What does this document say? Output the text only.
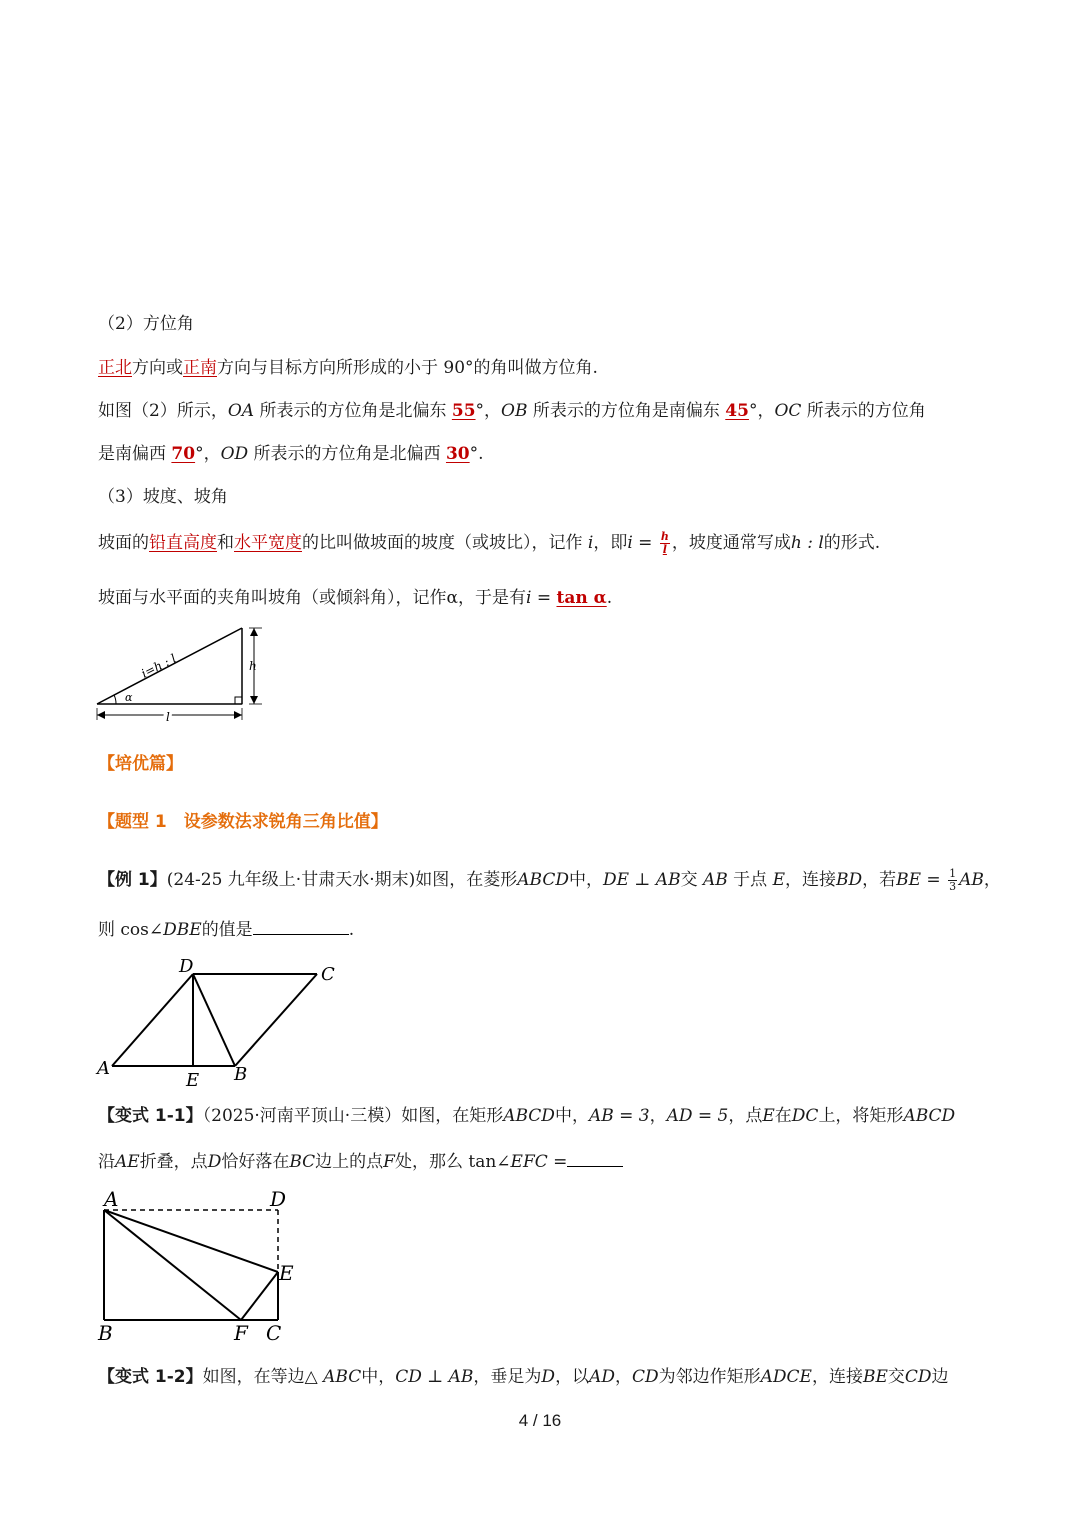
（2）方位角
正北方向或正南方向与目标方向所形成的小于 90°的角叫做方位角.
如图（2）所示，OA 所表示的方位角是北偏东 55°，OB 所表示的方位角是南偏东 45°，OC 所表示的方位角
是南偏西 70°，OD 所表示的方位角是北偏西 30°.
（3）坡度、坡角
坡面的铅直高度和水平宽度的比叫做坡面的坡度（或坡比），记作 i，即$i = \frac{h}{l}$ ，坡度通常写成h : l的形式.
坡面与水平面的夹角叫坡角（或倾斜角），记作α，于是有i = tan α.
i=h : l	h
α
l
【培优篇】
【题型 1　设参数法求锐角三角比值】
【例 1】(24-25 九年级上·甘肃天水·期末)如图，在菱形ABCD中，DE ⊥ AB交 AB 于点 E，连接BD，若BE = $\frac{1}{3}$ AB，
则 cos∠DBE的值是	.
D	C
A
E B
【变式 1-1】（2025·河南平顶山·三模）如图，在矩形ABCD中，AB = 3，AD = 5，点E在DC上，将矩形ABCD
沿AE折叠，点D恰好落在BC边上的点F处，那么 tan∠EFC =
A	D
E
B	F C
【变式 1-2】如图，在等边△ ABC中，CD ⊥ AB，垂足为D，以AD，CD为邻边作矩形ADCE，连接BE交CD边
4 / 16
